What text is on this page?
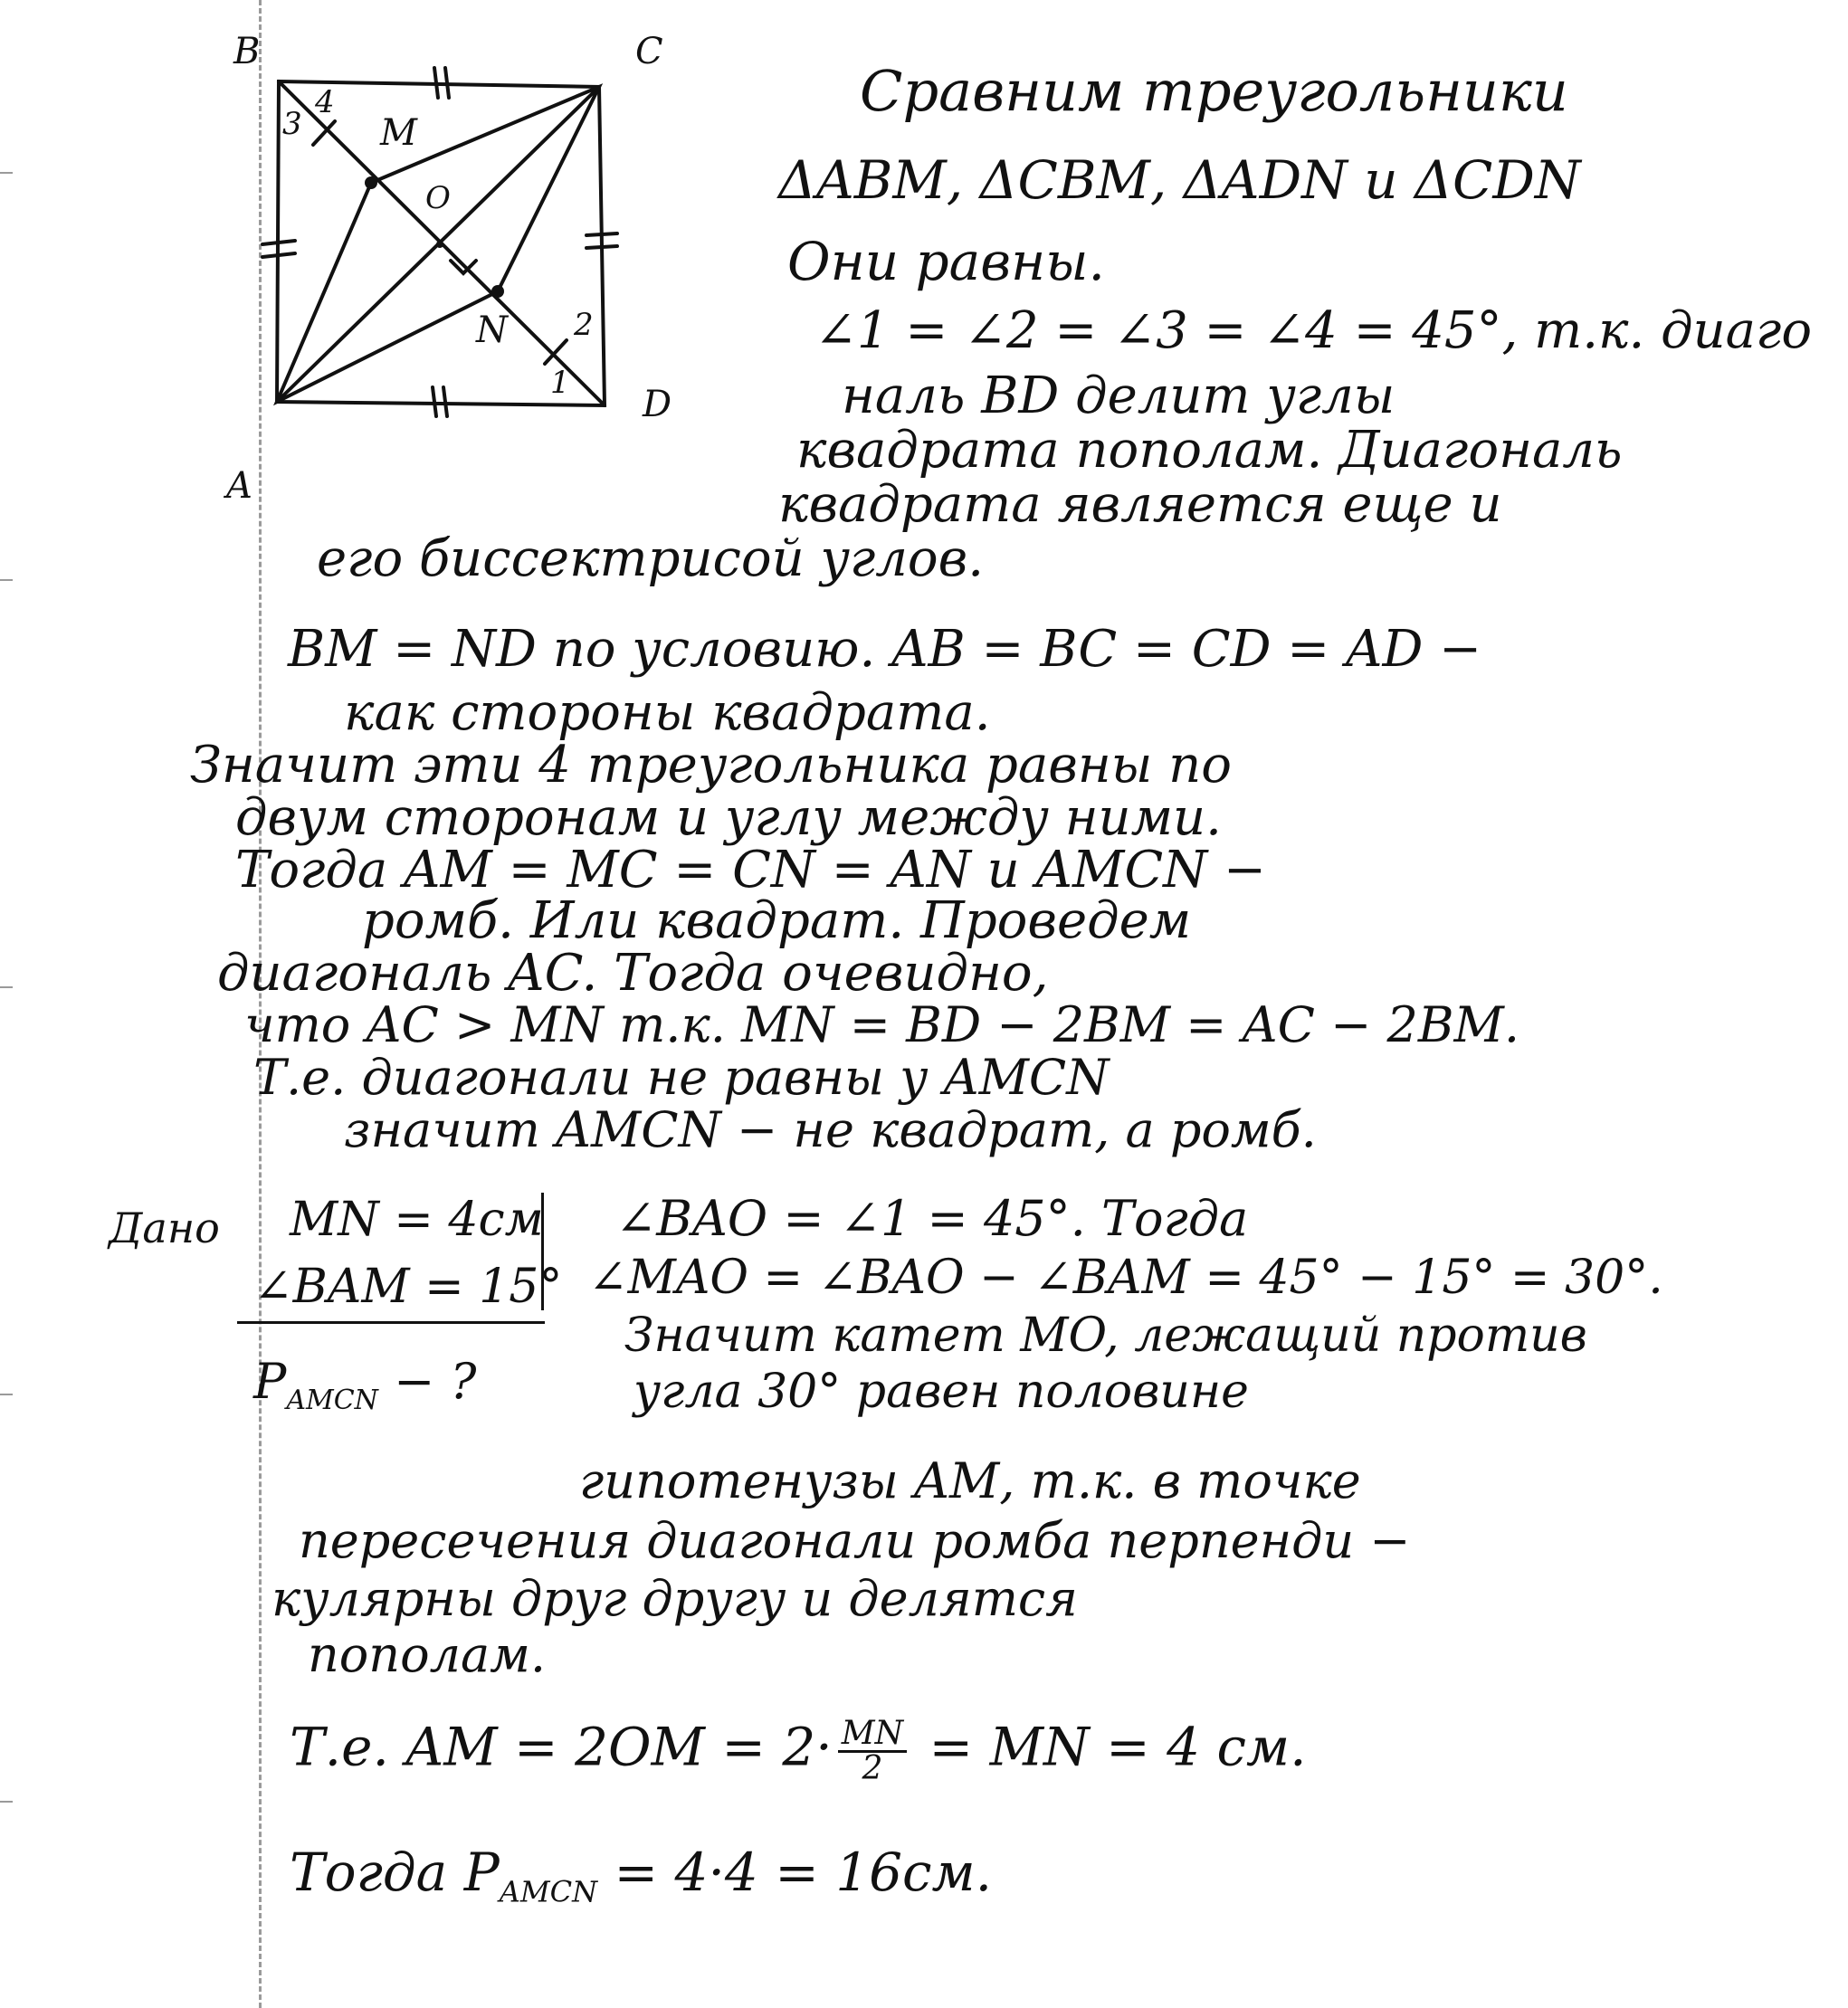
B	C
A
D
M
N
O
1
2
3
4	Сравним треугольники
ΔABM, ΔCBM, ΔADN и ΔCDN
Они равны.
∠1 = ∠2 = ∠3 = ∠4 = 45°, т.к. диаго
наль BD делит углы
квадрата пополам. Диагональ
квадрата является еще и
его биссектрисой углов.
BM = ND по условию. AB = BC = CD = AD −
как стороны квадрата.
Значит эти 4 треугольника равны по
двум сторонам и углу между ними.
Тогда AM = MC = CN = AN и AMCN −
ромб. Или квадрат. Проведем
диагональ AC. Тогда очевидно,
что AC > MN т.к. MN = BD − 2BM = AC − 2BM.
Т.е. диагонали не равны у AMCN
значит AMCN − не квадрат, а ромб.
Дано MN = 4см
∠BAM = 15°
$P_{AMCN}$ − ?
∠BAO = ∠1 = 45°. Тогда
∠MAO = ∠BAO − ∠BAM = 45° − 15° = 30°.
Значит катет MO, лежащий против
угла 30° равен половине
гипотенузы AM, т.к. в точке
пересечения диагонали ромба перпенди −
кулярны друг другу и делятся
пополам.
Т.е. AM = $2OM = 2\cdot \frac{MN}{2}$ = MN = 4 см.
Тогда $P_{AMCN} = 4\cdot 4 = 16см$.
